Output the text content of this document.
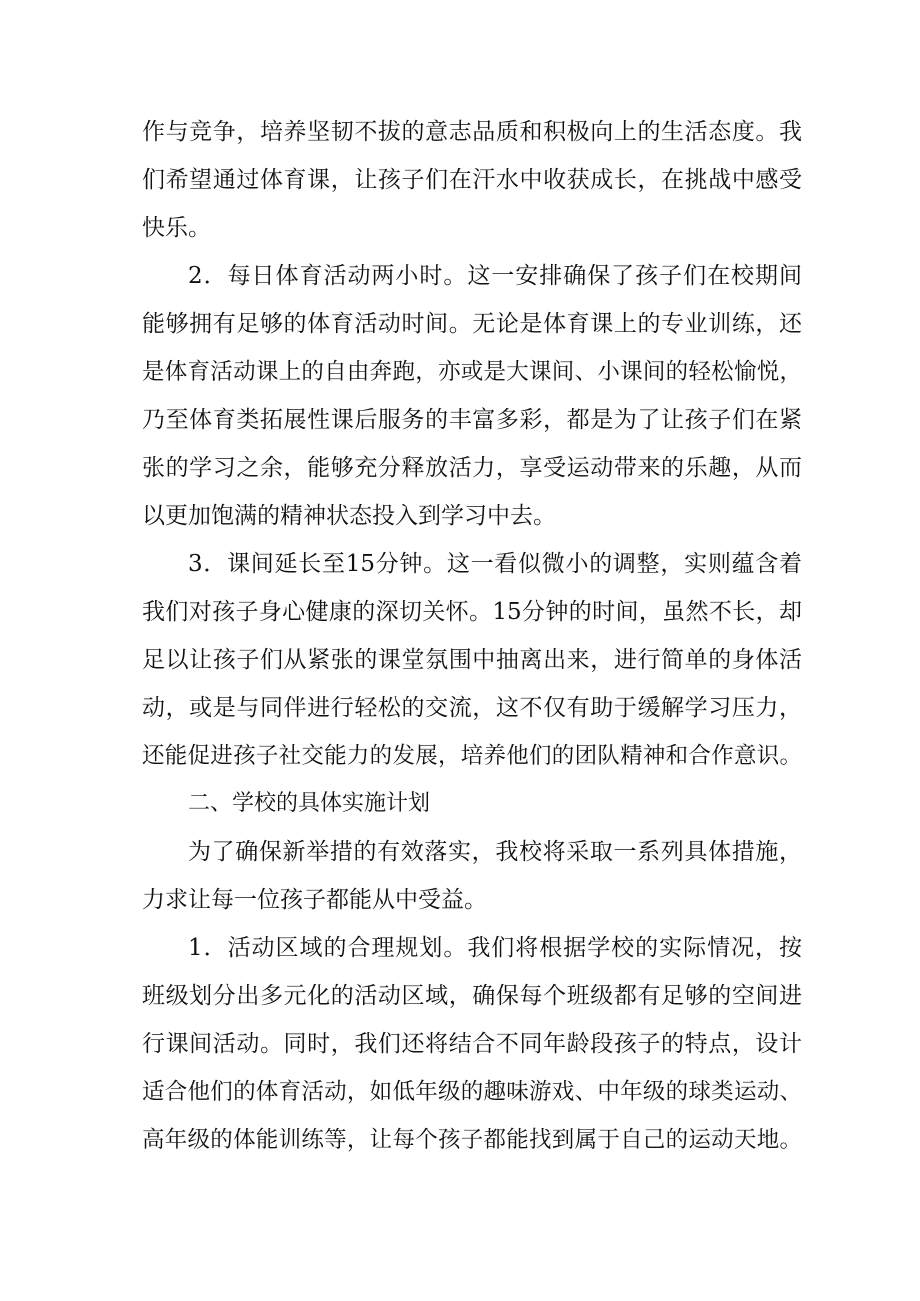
作与竞争，培养坚韧不拔的意志品质和积极向上的生活态度。我
们希望通过体育课，让孩子们在汗水中收获成长，在挑战中感受
快乐。
2．每日体育活动两小时。这一安排确保了孩子们在校期间
能够拥有足够的体育活动时间。无论是体育课上的专业训练，还
是体育活动课上的自由奔跑，亦或是大课间、小课间的轻松愉悦，
乃至体育类拓展性课后服务的丰富多彩，都是为了让孩子们在紧
张的学习之余，能够充分释放活力，享受运动带来的乐趣，从而
以更加饱满的精神状态投入到学习中去。
3．课间延长至15分钟。这一看似微小的调整，实则蕴含着
我们对孩子身心健康的深切关怀。15分钟的时间，虽然不长，却
足以让孩子们从紧张的课堂氛围中抽离出来，进行简单的身体活
动，或是与同伴进行轻松的交流，这不仅有助于缓解学习压力，
还能促进孩子社交能力的发展，培养他们的团队精神和合作意识。
二、学校的具体实施计划
为了确保新举措的有效落实，我校将采取一系列具体措施，
力求让每一位孩子都能从中受益。
1．活动区域的合理规划。我们将根据学校的实际情况，按
班级划分出多元化的活动区域，确保每个班级都有足够的空间进
行课间活动。同时，我们还将结合不同年龄段孩子的特点，设计
适合他们的体育活动，如低年级的趣味游戏、中年级的球类运动、
高年级的体能训练等，让每个孩子都能找到属于自己的运动天地。
